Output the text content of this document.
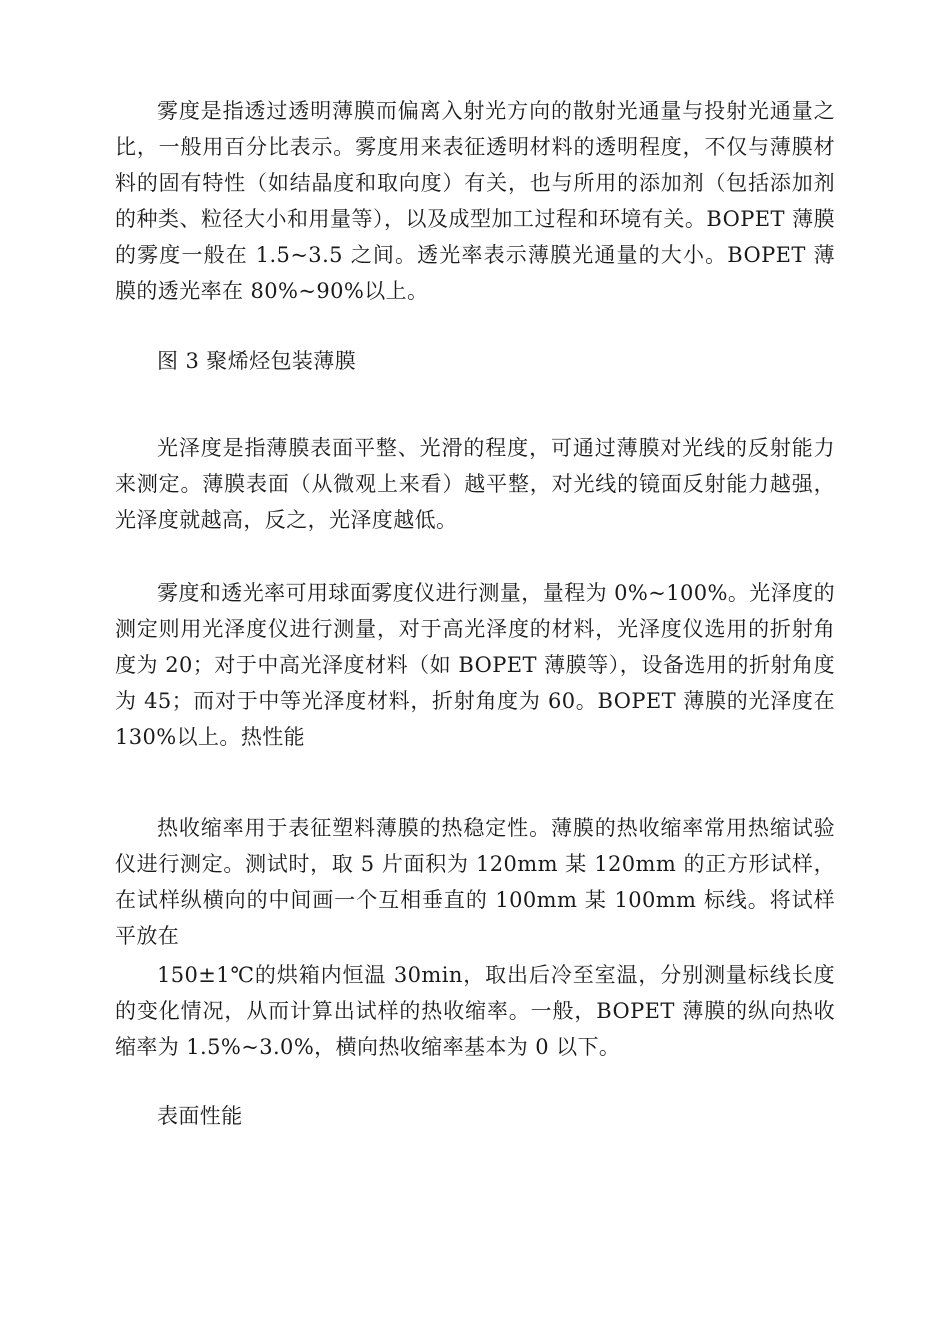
雾度是指透过透明薄膜而偏离入射光方向的散射光通量与投射光通量之比，一般用百分比表示。雾度用来表征透明材料的透明程度，不仅与薄膜材料的固有特性（如结晶度和取向度）有关，也与所用的添加剂（包括添加剂的种类、粒径大小和用量等），以及成型加工过程和环境有关。BOPET 薄膜的雾度一般在 1.5~3.5 之间。透光率表示薄膜光通量的大小。BOPET 薄膜的透光率在 80%~90%以上。

图 3 聚烯烃包装薄膜

光泽度是指薄膜表面平整、光滑的程度，可通过薄膜对光线的反射能力来测定。薄膜表面（从微观上来看）越平整，对光线的镜面反射能力越强，光泽度就越高，反之，光泽度越低。

雾度和透光率可用球面雾度仪进行测量，量程为 0%~100%。光泽度的测定则用光泽度仪进行测量，对于高光泽度的材料，光泽度仪选用的折射角度为 20；对于中高光泽度材料（如 BOPET 薄膜等），设备选用的折射角度为 45；而对于中等光泽度材料，折射角度为 60。BOPET 薄膜的光泽度在 130%以上。热性能

热收缩率用于表征塑料薄膜的热稳定性。薄膜的热收缩率常用热缩试验仪进行测定。测试时，取 5 片面积为 120mm 某 120mm 的正方形试样，在试样纵横向的中间画一个互相垂直的 100mm 某 100mm 标线。将试样平放在

150±1℃的烘箱内恒温 30min，取出后冷至室温，分别测量标线长度的变化情况，从而计算出试样的热收缩率。一般，BOPET 薄膜的纵向热收缩率为 1.5%~3.0%，横向热收缩率基本为 0 以下。

表面性能
